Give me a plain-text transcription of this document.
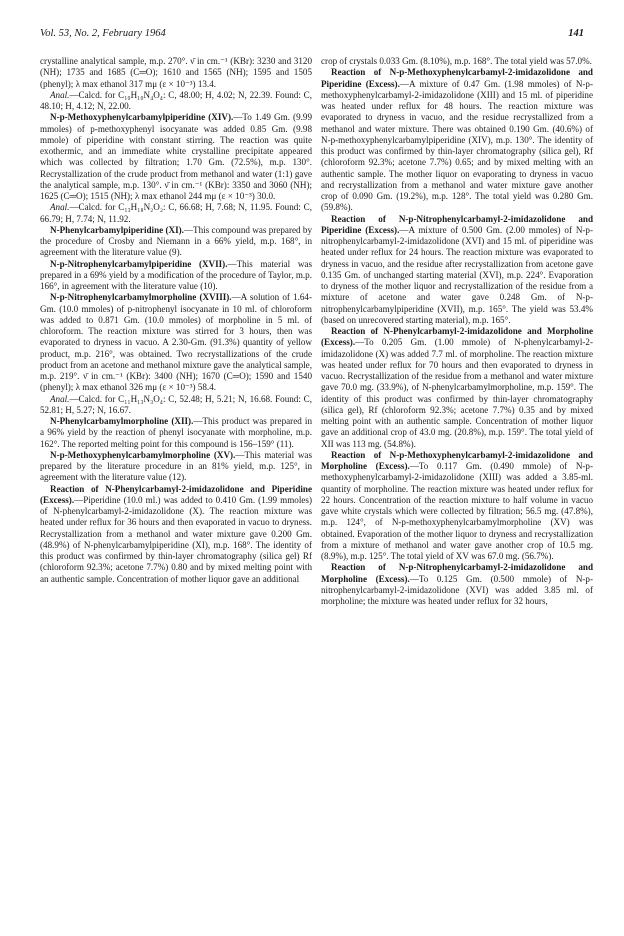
Vol. 53, No. 2, February 1964	141

crystalline analytical sample, m.p. 270°. ν̄ in cm.⁻¹ (KBr): 3230 and 3120 (NH); 1735 and 1685 (C═O); 1610 and 1565 (NH); 1595 and 1505 (phenyl); λ max ethanol 317 mμ (ε × 10⁻³) 13.4.

Anal.—Calcd. for C₁₀H₁₀N₄O₄: C, 48.00; H, 4.02; N, 22.39. Found: C, 48.10; H, 4.12; N, 22.00.

N-p-Methoxyphenylcarbamylpiperidine (XIV).—To 1.49 Gm. (9.99 mmoles) of p-methoxyphenyl isocyanate was added 0.85 Gm. (9.98 mmole) of piperidine with constant stirring. The reaction was quite exothermic, and an immediate white crystalline precipitate appeared which was collected by filtration; 1.70 Gm. (72.5%), m.p. 130°. Recrystallization of the crude product from methanol and water (1:1) gave the analytical sample, m.p. 130°. ν̄ in cm.⁻¹ (KBr): 3350 and 3060 (NH); 1625 (C═O); 1515 (NH); λ max ethanol 244 mμ (ε × 10⁻³) 30.0.

Anal.—Calcd. for C₁₃H₁₈N₂O₂: C, 66.68; H, 7.68; N, 11.95. Found: C, 66.79; H, 7.74; N, 11.92.

N-Phenylcarbamylpiperidine (XI).—This compound was prepared by the procedure of Crosby and Niemann in a 66% yield, m.p. 168°, in agreement with the literature value (9).

N-p-Nitrophenylcarbamylpiperidine (XVII).—This material was prepared in a 69% yield by a modification of the procedure of Taylor, m.p. 166°, in agreement with the literature value (10).

N-p-Nitrophenylcarbamylmorpholine (XVIII).—A solution of 1.64-Gm. (10.0 mmoles) of p-nitrophenyl isocyanate in 10 ml. of chloroform was added to 0.871 Gm. (10.0 mmoles) of morpholine in 5 ml. of chloroform. The reaction mixture was stirred for 3 hours, then was evaporated to dryness in vacuo. A 2.30-Gm. (91.3%) quantity of yellow product, m.p. 216°, was obtained. Two recrystallizations of the crude product from an acetone and methanol mixture gave the analytical sample, m.p. 219°. ν̄ in cm.⁻¹ (KBr): 3400 (NH); 1670 (C═O); 1590 and 1540 (phenyl); λ max ethanol 326 mμ (ε × 10⁻³) 58.4.

Anal.—Calcd. for C₁₁H₁₃N₃O₄: C, 52.48; H, 5.21; N, 16.68. Found: C, 52.81; H, 5.27; N, 16.67.

N-Phenylcarbamylmorpholine (XII).—This product was prepared in a 96% yield by the reaction of phenyl isocyanate with morpholine, m.p. 162°. The reported melting point for this compound is 156–159° (11).

N-p-Methoxyphenylcarbamylmorpholine (XV).—This material was prepared by the literature procedure in an 81% yield, m.p. 125°, in agreement with the literature value (12).

Reaction of N-Phenylcarbamyl-2-imidazolidone and Piperidine (Excess).—Piperidine (10.0 ml.) was added to 0.410 Gm. (1.99 mmoles) of N-phenylcarbamyl-2-imidazolidone (X). The reaction mixture was heated under reflux for 36 hours and then evaporated in vacuo to dryness. Recrystallization from a methanol and water mixture gave 0.200 Gm. (48.9%) of N-phenylcarbamylpiperidine (XI), m.p. 168°. The identity of this product was confirmed by thin-layer chromatography (silica gel) Rf (chloroform 92.3%; acetone 7.7%) 0.80 and by mixed melting point with an authentic sample. Concentration of mother liquor gave an additional

crop of crystals 0.033 Gm. (8.10%), m.p. 168°. The total yield was 57.0%.

Reaction of N-p-Methoxyphenylcarbamyl-2-imidazolidone and Piperidine (Excess).—A mixture of 0.47 Gm. (1.98 mmoles) of N-p-methoxyphenylcarbamyl-2-imidazolidone (XIII) and 15 ml. of piperidine was heated under reflux for 48 hours. The reaction mixture was evaporated to dryness in vacuo, and the residue recrystallized from a methanol and water mixture. There was obtained 0.190 Gm. (40.6%) of N-p-methoxyphenylcarbamylpiperidine (XIV), m.p. 130°. The identity of this product was confirmed by thin-layer chromatography (silica gel), Rf (chloroform 92.3%; acetone 7.7%) 0.65; and by mixed melting with an authentic sample. The mother liquor on evaporating to dryness in vacuo and recrystallization from a methanol and water mixture gave another crop of 0.090 Gm. (19.2%), m.p. 128°. The total yield was 0.280 Gm. (59.8%).

Reaction of N-p-Nitrophenylcarbamyl-2-imidazolidone and Piperidine (Excess).—A mixture of 0.500 Gm. (2.00 mmoles) of N-p-nitrophenylcarbamyl-2-imidazolidone (XVI) and 15 ml. of piperidine was heated under reflux for 24 hours. The reaction mixture was evaporated to dryness in vacuo, and the residue after recrystallization from acetone gave 0.135 Gm. of unchanged starting material (XVI), m.p. 224°. Evaporation to dryness of the mother liquor and recrystallization of the residue from a mixture of acetone and water gave 0.248 Gm. of N-p-nitrophenylcarbamylpiperidine (XVII), m.p. 165°. The yield was 53.4% (based on unrecovered starting material), m.p. 165°.

Reaction of N-Phenylcarbamyl-2-imidazolidone and Morpholine (Excess).—To 0.205 Gm. (1.00 mmole) of N-phenylcarbamyl-2-imidazolidone (X) was added 7.7 ml. of morpholine. The reaction mixture was heated under reflux for 70 hours and then evaporated to dryness in vacuo. Recrystallization of the residue from a methanol and water mixture gave 70.0 mg. (33.9%), of N-phenylcarbamylmorpholine, m.p. 159°. The identity of this product was confirmed by thin-layer chromatography (silica gel), Rf (chloroform 92.3%; acetone 7.7%) 0.35 and by mixed melting point with an authentic sample. Concentration of mother liquor gave an additional crop of 43.0 mg. (20.8%), m.p. 159°. The total yield of XII was 113 mg. (54.8%).

Reaction of N-p-Methoxyphenylcarbamyl-2-imidazolidone and Morpholine (Excess).—To 0.117 Gm. (0.490 mmole) of N-p-methoxyphenylcarbamyl-2-imidazolidone (XIII) was added a 3.85-ml. quantity of morpholine. The reaction mixture was heated under reflux for 22 hours. Concentration of the reaction mixture to half volume in vacuo gave white crystals which were collected by filtration; 56.5 mg. (47.8%), m.p. 124°, of N-p-methoxyphenylcarbamylmorpholine (XV) was obtained. Evaporation of the mother liquor to dryness and recrystallization from a mixture of methanol and water gave another crop of 10.5 mg. (8.9%), m.p. 125°. The total yield of XV was 67.0 mg. (56.7%).

Reaction of N-p-Nitrophenylcarbamyl-2-imidazolidone and Morpholine (Excess).—To 0.125 Gm. (0.500 mmole) of N-p-nitrophenylcarbamyl-2-imidazolidone (XVI) was added 3.85 ml. of morpholine; the mixture was heated under reflux for 32 hours,
